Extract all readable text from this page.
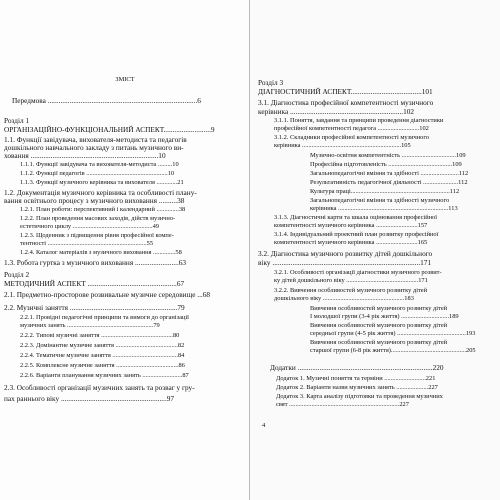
ЗМІСТ
Передмова ..................................................................................6
Розділ 1
ОРГАНІЗАЦІЙНО-ФУНКЦІОНАЛЬНИЙ АСПЕКТ..........................9
1.1. Функції завідувача, вихователя-методиста та педагогів
дошкільного навчального закладу з питань музичного ви-
ховання ......................................................................10
1.1.1. Функції завідувача та вихователя-методиста .........10
1.1.2. Функції педагогів ...................................................10
1.1.3. Функції музичного керівника та вихователя .............21
1.2. Документація музичного керівника та особливості плану-
вання освітнього процесу з музичного виховання ..........38
1.2.1. План роботи: перспективний і календарний ..............38
1.2.2. План проведення масових заходів, дійств музично-
естетичного циклу ..................................................49
1.2.3. Щоденник з підвищення рівня професійної компе-
тентності ..............................................................55
1.2.4. Каталог матеріалів з музичного виховання ..............58
1.3. Робота гуртка з музичного виховання ........................63
Розділ 2
МЕТОДИЧНИЙ АСПЕКТ .................................................67
2.1. Предметно-просторове розвивальне музичне середовище ...68
2.2. Музичні заняття ...........................................................79
2.2.1. Провідні педагогічні принципи та вимоги до організації
музичних занять ......................................................79
2.2.2. Типові музичні заняття .............................................80
2.2.3. Домінантне музичне заняття .......................................82
2.2.4. Тематичне музичне заняття .........................................84
2.2.5. Комплексне музичне заняття .......................................86
2.2.6. Варіанти планування музичних занять .........................87
2.3. Особливості організації музичних занять та розваг у гру-
пах раннього віку ..........................................................97
Розділ 3
ДІАГНОСТИЧНИЙ АСПЕКТ.......................................101
3.1. Діагностика професійної компетентності музичного
керівника ..............................................................102
3.1.1. Поняття, завдання та принципи проведення діагностики
професійної компетентності педагога ..........................102
3.1.2. Складники професійної компетентності музичного
керівника ..............................................................105
Музично-освітня компетентність ..................................109
Професійна підготовленість ........................................109
Загальнопедагогічні вміння та здібності ........................112
Результативність педагогічної діяльності ......................112
Культура праці..............................................................112
Загальнопедагогічні вміння та здібності музичного
керівника .....................................................................113
3.1.3. Діагностичні карти та шкала оцінювання професійної
компетентності музичного керівника ..........................157
3.1.4. Індивідуальний проектний план розвитку професійної
компетентності музичного керівника ..........................165
3.2. Діагностика музичного розвитку дітей дошкільного
віку .................................................................................171
3.2.1. Особливості організації діагностики музичного розвит-
ку дітей дошкільного віку .............................................171
3.2.2. Вивчення особливостей музичного розвитку дітей
дошкільного віку ...................................................183
Вивчення особливостей музичного розвитку дітей
І молодшої групи (3-4 рік життя) ..............................189
Вивчення особливостей музичного розвитку дітей
середньої групи (4-5 рік життя) ...........................................193
Вивчення особливостей музичного розвитку дітей
старшої групи (6-8 рік життя)...............................................205
Додатки ..........................................................................220
Додаток 1. Музичні поняття та терміни ..........................221
Додаток 2. Варіанти назви музичних занять ....................227
Додаток 3. Карта аналізу підготовки та проведення музичних
свят .....................................................................227
4
